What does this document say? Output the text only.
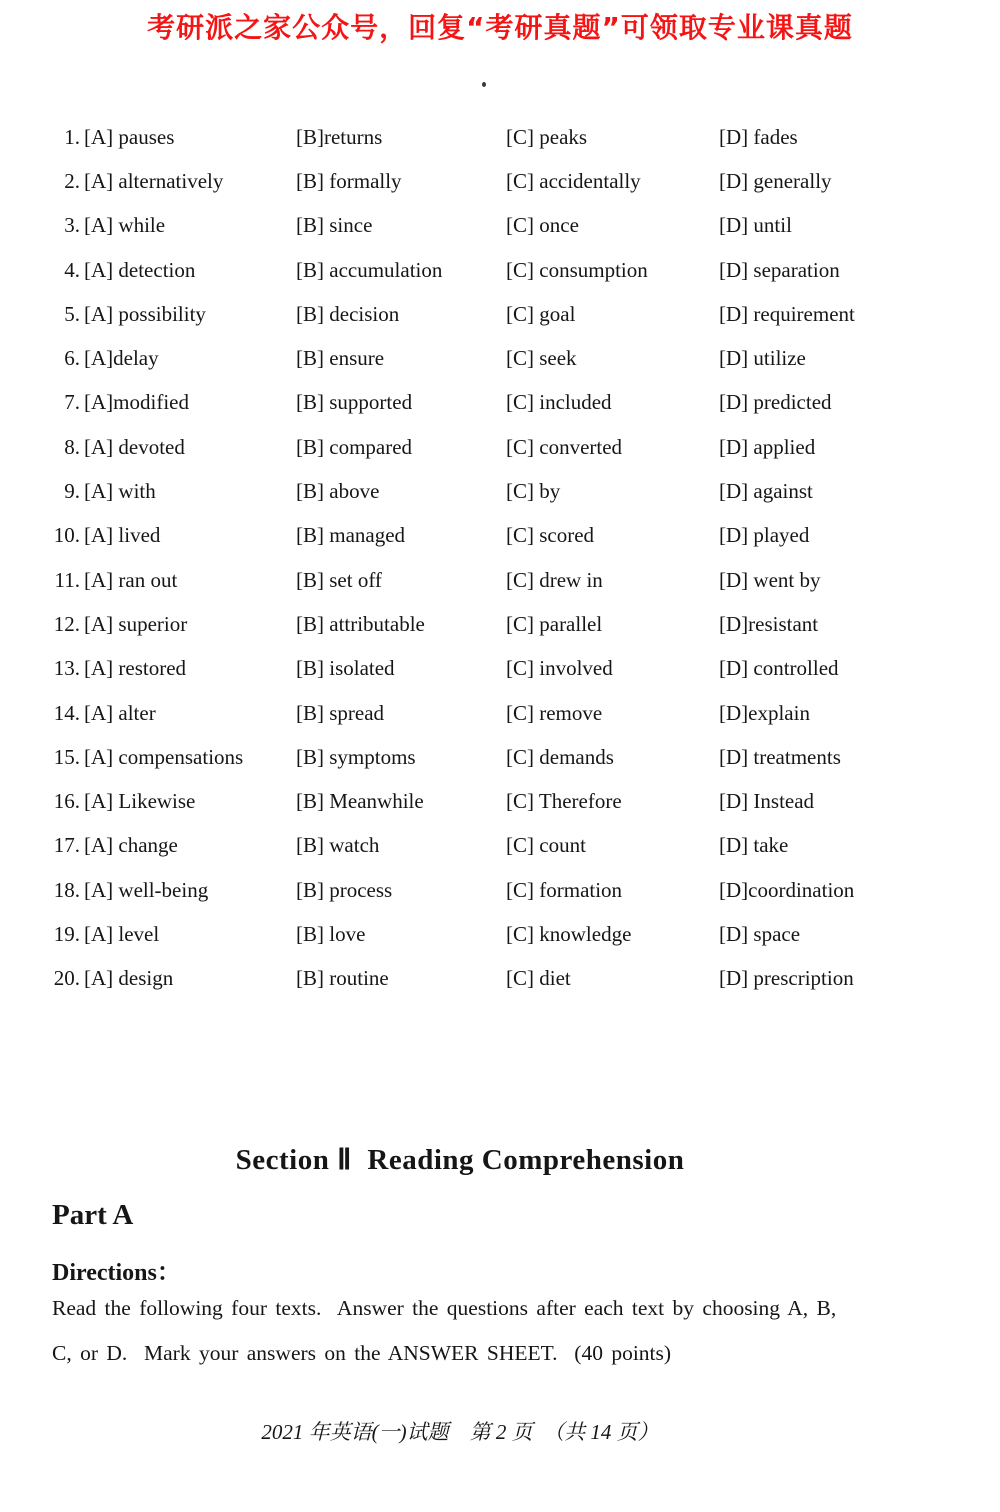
考研派之家公众号，回复“考研真题”可领取专业课真题
1. [A] pauses	[B]returns	[C] peaks	[D] fades
2. [A] alternatively	[B] formally	[C] accidentally	[D] generally
3. [A] while	[B] since	[C] once	[D] until
4. [A] detection	[B] accumulation	[C] consumption	[D] separation
5. [A] possibility	[B] decision	[C] goal	[D] requirement
6. [A]delay	[B] ensure	[C] seek	[D] utilize
7. [A]modified	[B] supported	[C] included	[D] predicted
8. [A] devoted	[B] compared	[C] converted	[D] applied
9. [A] with	[B] above	[C] by	[D] against
10. [A] lived	[B] managed	[C] scored	[D] played
11. [A] ran out	[B] set off	[C] drew in	[D] went by
12. [A] superior	[B] attributable	[C] parallel	[D]resistant
13. [A] restored	[B] isolated	[C] involved	[D] controlled
14. [A] alter	[B] spread	[C] remove	[D]explain
15. [A] compensations	[B] symptoms	[C] demands	[D] treatments
16. [A] Likewise	[B] Meanwhile	[C] Therefore	[D] Instead
17. [A] change	[B] watch	[C] count	[D] take
18. [A] well-being	[B] process	[C] formation	[D]coordination
19. [A] level	[B] love	[C] knowledge	[D] space
20. [A] design	[B] routine	[C] diet	[D] prescription
Section Ⅱ  Reading Comprehension
Part A
Directions：
Read the following four texts.  Answer the questions after each text by choosing A, B,
C, or D.  Mark your answers on the ANSWER SHEET.  (40 points)
2021 年英语(一)试题　第 2 页　（共 14 页）
